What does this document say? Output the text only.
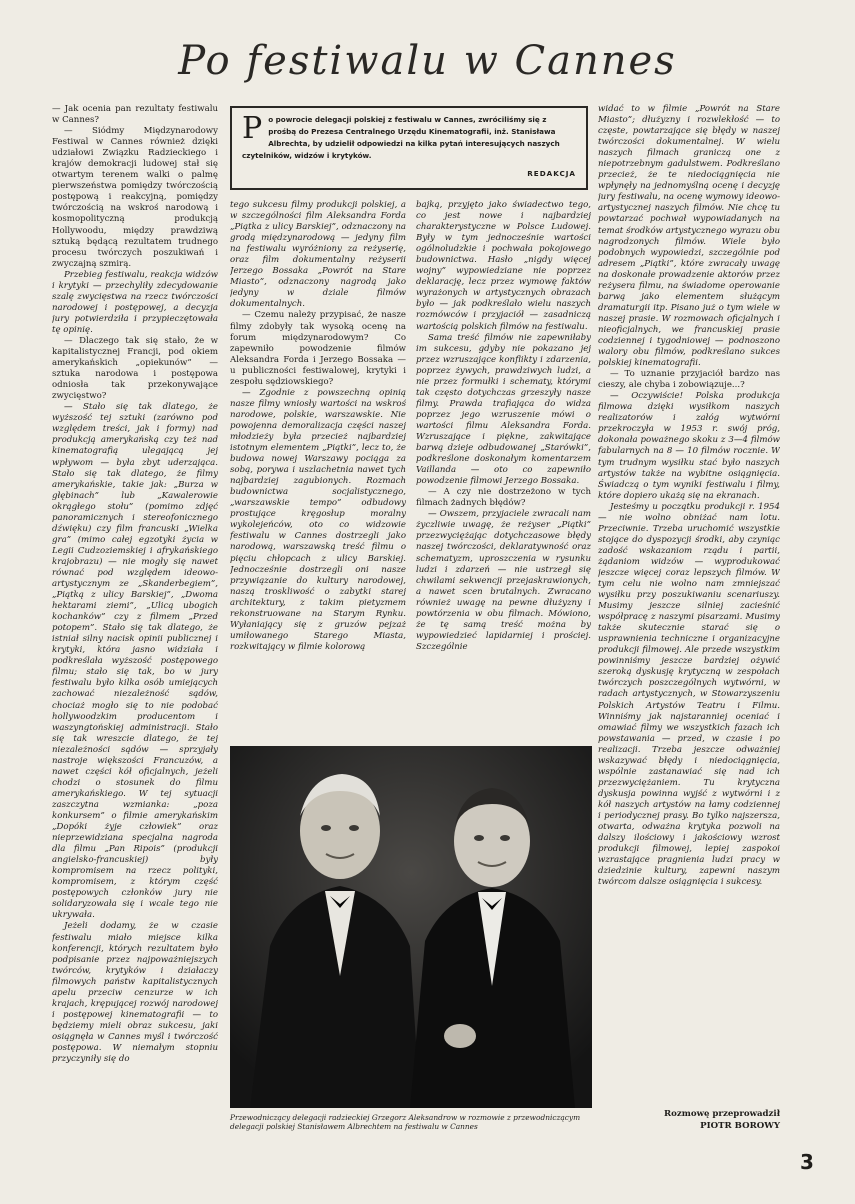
Po festiwalu w Cannes
P o powrocie delegacji polskiej z festiwalu w Cannes, zwróciliśmy się z prośbą do Prezesa Centralnego Urzędu Kinematografii, inż. Stanisława Albrechta, by udzielił odpowiedzi na kilka pytań interesujących naszych czytelników, widzów i krytyków.
REDAKCJA

— Jak ocenia pan rezultaty festiwalu w Cannes?

— Siódmy Międzynarodowy Festiwal w Cannes również dzięki udziałowi Związku Radzieckiego i krajów demokracji ludowej stał się otwartym terenem walki o palmę pierwszeństwa pomiędzy twórczością postępową i reakcyjną, pomiędzy twórczością na wskroś narodową i kosmopolityczną produkcją Hollywoodu, między prawdziwą sztuką będącą rezultatem trudnego procesu twórczych poszukiwań i zwyczajną szmirą.

Przebieg festiwalu, reakcja widzów i krytyki — przechyliły zdecydowanie szalę zwycięstwa na rzecz twórczości narodowej i postępowej, a decyzja jury potwierdziła i przypieczętowała tę opinię.

— Dlaczego tak się stało, że w kapitalistycznej Francji, pod okiem amerykańskich „opiekunów” — sztuka narodowa i postępowa odniosła tak przekonywające zwycięstwo?

— Stało się tak dlatego, że wyższość tej sztuki (zarówno pod względem treści, jak i formy) nad produkcją amerykańską czy też nad kinematografią ulegającą jej wpływom — była zbyt uderzająca. Stało się tak dlatego, że filmy amerykańskie, takie jak: „Burza w głębinach” lub „Kawalerowie okrągłego stołu” (pomimo zdjęć panoramicznych i stereofonicznego dźwięku) czy film francuski „Wielka gra” (mimo całej egzotyki życia w Legii Cudzoziemskiej i afrykańskiego krajobrazu) — nie mogły się nawet równać pod względem ideowo-artystycznym ze „Skanderbegiem”, „Piątką z ulicy Barskiej”, „Dwoma hektarami ziemi”, „Ulicą ubogich kochanków” czy z filmem „Przed potopem”. Stało się tak dlatego, że istniał silny nacisk opinii publicznej i krytyki, która jasno widziała i podkreślała wyższość postępowego filmu; stało się tak, bo w jury festiwalu było kilka osób umiejących zachować niezależność sądów, chociaż mogło się to nie podobać hollywoodzkim producentom i waszyngtońskiej administracji. Stało się tak wreszcie dlatego, że tej niezależności sądów — sprzyjały nastroje większości Francuzów, a nawet części kół oficjalnych, jeżeli chodzi o stosunek do filmu amerykańskiego. W tej sytuacji zaszczytna wzmianka: „poza konkursem” o filmie amerykańskim „Dopóki żyje człowiek” oraz nieprzewidziana specjalna nagroda dla filmu „Pan Ripois” (produkcji angielsko-francuskiej) były kompromisem na rzecz polityki, kompromisem, z którym część postępowych członków jury nie solidaryzowała się i wcale tego nie ukrywała.

Jeżeli dodamy, że w czasie festiwalu miało miejsce kilka konferencji, których rezultatem było podpisanie przez najpoważniejszych twórców, krytyków i działaczy filmowych państw kapitalistycznych apelu przeciw cenzurze w ich krajach, krępującej rozwój narodowej i postępowej kinematografii — to będziemy mieli obraz sukcesu, jaki osiągnęła w Cannes myśl i twórczość postępowa. W niemałym stopniu przyczyniły się do

tego sukcesu filmy produkcji polskiej, a w szczególności film Aleksandra Forda „Piątka z ulicy Barskiej”, odznaczony na grodą międzynarodową — jedyny film na festiwalu wyróżniony za reżyserię, oraz film dokumentalny reżyserii Jerzego Bossaka „Powrót na Stare Miasto”, odznaczony nagrodą jako jedyny w dziale filmów dokumentalnych.

— Czemu należy przypisać, że nasze filmy zdobyły tak wysoką ocenę na forum międzynarodowym? Co zapewniło powodzenie filmów Aleksandra Forda i Jerzego Bossaka — u publiczności festiwalowej, krytyki i zespołu sędziowskiego?

— Zgodnie z powszechną opinią nasze filmy wniosły wartości na wskroś narodowe, polskie, warszawskie. Nie powojenna demoralizacja części naszej młodzieży była przecież najbardziej istotnym elementem „Piątki”, lecz to, że budowa nowej Warszawy pociąga za sobą, porywa i uszlachetnia nawet tych najbardziej zagubionych. Rozmach budownictwa socjalistycznego, „warszawskie tempo” odbudowy prostujące kręgosłup moralny wykolejeńców, oto co widzowie festiwalu w Cannes dostrzegli jako narodową, warszawską treść filmu o pięciu chłopcach z ulicy Barskiej. Jednocześnie dostrzegli oni nasze przywiązanie do kultury narodowej, naszą troskliwość o zabytki starej architektury, z takim pietyzmem rekonstruowane na Starym Rynku. Wyłaniający się z gruzów pejzaż umiłowanego Starego Miasta, rozkwitający w filmie kolorową

bajką, przyjęto jako świadectwo tego, co jest nowe i najbardziej charakterystyczne w Polsce Ludowej. Były w tym jednocześnie wartości ogólnoludzkie i pochwała pokojowego budownictwa. Hasło „nigdy więcej wojny” wypowiedziane nie poprzez deklarację, lecz przez wymowę faktów wyrażonych w artystycznych obrazach było — jak podkreślało wielu naszych rozmówców i przyjaciół — zasadniczą wartością polskich filmów na festiwalu.

Sama treść filmów nie zapewniłaby im sukcesu, gdyby nie pokazano jej przez wzruszające konflikty i zdarzenia, poprzez żywych, prawdziwych ludzi, a nie przez formułki i schematy, którymi tak często dotychczas grzeszyły nasze filmy. Prawda trafiająca do widza poprzez jego wzruszenie mówi o wartości filmu Aleksandra Forda. Wzruszające i piękne, zakwitające barwą dzieje odbudowanej „Starówki”, podkreślone doskonałym komentarzem Vaillanda — oto co zapewniło powodzenie filmowi Jerzego Bossaka.

— A czy nie dostrzeżono w tych filmach żadnych błędów?

— Owszem, przyjaciele zwracali nam życzliwie uwagę, że reżyser „Piątki” przezwyciężając dotychczasowe błędy naszej twórczości, deklaratywność oraz schematyzm, uproszczenia w rysunku ludzi i zdarzeń — nie ustrzegł się chwilami sekwencji przejaskrawionych, a nawet scen brutalnych. Zwracano również uwagę na pewne dłużyzny i powtórzenia w obu filmach. Mówiono, że tę samą treść można by wypowiedzieć lapidarniej i prościej. Szczególnie

widać to w filmie „Powrót na Stare Miasto”; dłużyzny i rozwlekłość — to częste, powtarzające się błędy w naszej twórczości dokumentalnej. W wielu naszych filmach graniczą one z niepotrzebnym gadulstwem. Podkreślano przecież, że te niedociągnięcia nie wpłynęły na jednomyślną ocenę i decyzję jury festiwalu, na ocenę wymowy ideowo-artystycznej naszych filmów. Nie chcę tu powtarzać pochwał wypowiadanych na temat środków artystycznego wyrazu obu nagrodzonych filmów. Wiele było podobnych wypowiedzi, szczególnie pod adresem „Piątki”, które zwracały uwagę na doskonałe prowadzenie aktorów przez reżysera filmu, na świadome operowanie barwą jako elementem służącym dramaturgii itp. Pisano już o tym wiele w naszej prasie. W rozmowach oficjalnych i nieoficjalnych, we francuskiej prasie codziennej i tygodniowej — podnoszono walory obu filmów, podkreślano sukces polskiej kinematografii.

— To uznanie przyjaciół bardzo nas cieszy, ale chyba i zobowiązuje...?

— Oczywiście! Polska produkcja filmowa dzięki wysiłkom naszych realizatorów i załóg wytwórni przekroczyła w 1953 r. swój próg, dokonała poważnego skoku z 3—4 filmów fabularnych na 8 — 10 filmów rocznie. W tym trudnym wysiłku stać było naszych artystów także na wybitne osiągnięcia. Świadczą o tym wyniki festiwalu i filmy, które dopiero ukażą się na ekranach.

Jesteśmy u początku produkcji r. 1954 — nie wolno obniżać nam lotu. Przeciwnie. Trzeba uruchomić wszystkie stojące do dyspozycji środki, aby czyniąc zadość wskazaniom rządu i partii, żądaniom widzów — wyprodukować jeszcze więcej coraz lepszych filmów. W tym celu nie wolno nam zmniejszać wysiłku przy poszukiwaniu scenariuszy. Musimy jeszcze silniej zacieśnić współpracę z naszymi pisarzami. Musimy także skutecznie starać się o usprawnienia techniczne i organizacyjne produkcji filmowej. Ale przede wszystkim powinniśmy jeszcze bardziej ożywić szeroką dyskusję krytyczną w zespołach twórczych poszczególnych wytwórni, w radach artystycznych, w Stowarzyszeniu Polskich Artystów Teatru i Filmu. Winniśmy jak najstaranniej oceniać i omawiać filmy we wszystkich fazach ich powstawania — przed, w czasie i po realizacji. Trzeba jeszcze odważniej wskazywać błędy i niedociągnięcia, wspólnie zastanawiać się nad ich przezwyciężaniem. Tu krytyczna dyskusja powinna wyjść z wytwórni i z kół naszych artystów na łamy codziennej i periodycznej prasy. Bo tylko najszersza, otwarta, odważna krytyka pozwoli na dalszy ilościowy i jakościowy wzrost produkcji filmowej, lepiej zaspokoi wzrastające pragnienia ludzi pracy w dziedzinie kultury, zapewni naszym twórcom dalsze osiągnięcia i sukcesy.

Przewodniczący delegacji radzieckiej Grzegorz Aleksandrow w rozmowie z przewodniczącym delegacji polskiej Stanisławem Albrechtem na festiwalu w Cannes
Rozmowę przeprowadził
PIOTR BOROWY
3
